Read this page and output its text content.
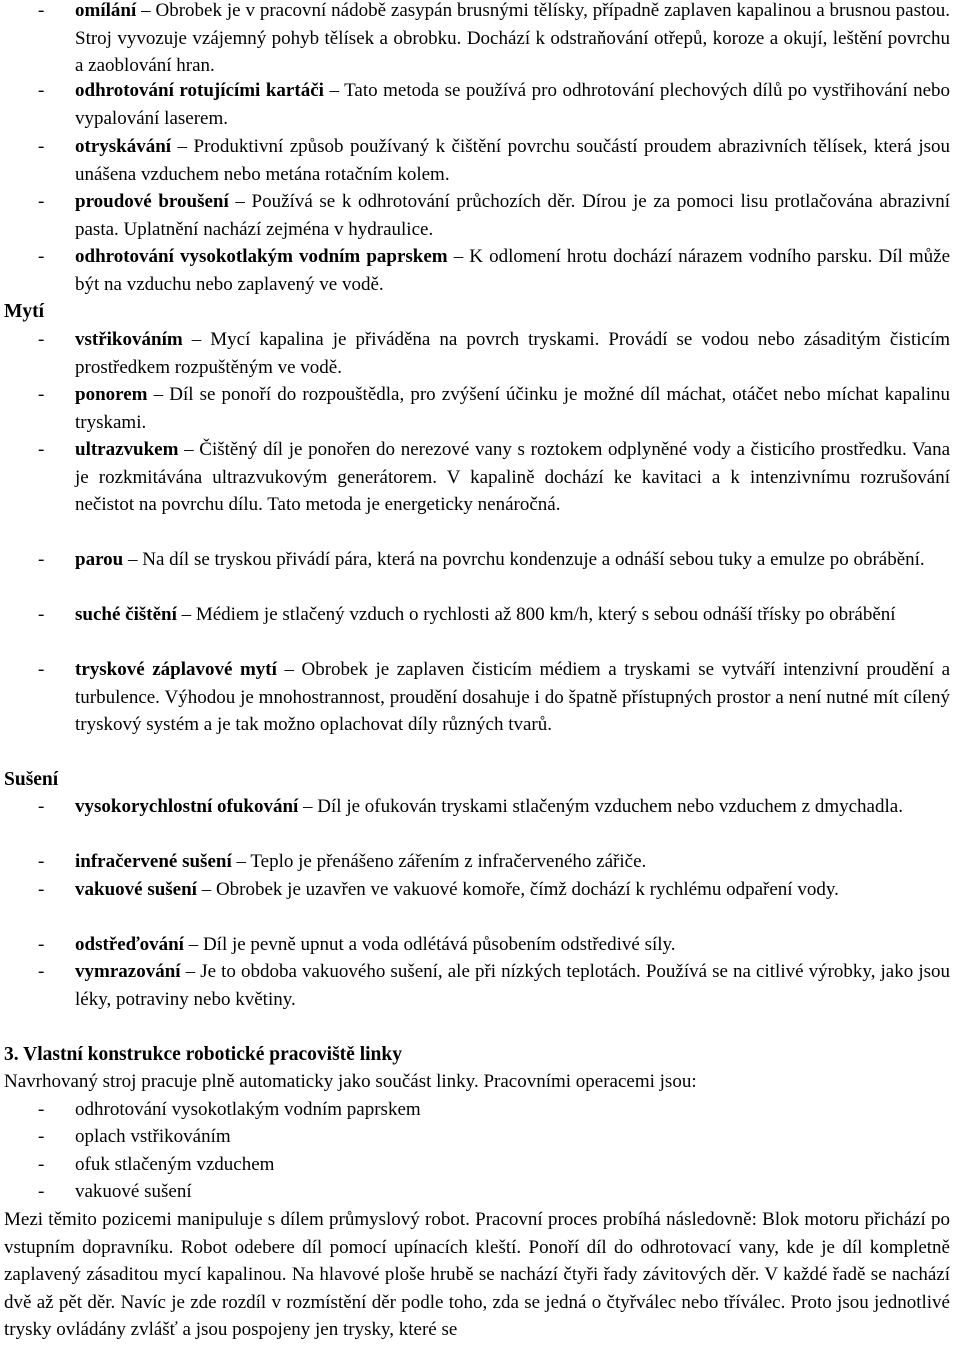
- omílání – Obrobek je v pracovní nádobě zasypán brusnými tělísky, případně zaplaven kapalinou a brusnou pastou. Stroj vyvozuje vzájemný pohyb tělísek a obrobku. Dochází k odstraňování otřepů, koroze a okují, leštění povrchu a zaoblování hran.
- odhrotování rotujícími kartáči – Tato metoda se používá pro odhrotování plechových dílů po vystřihování nebo vypalování laserem.
- otryskávání – Produktivní způsob používaný k čištění povrchu součástí proudem abrazivních tělísek, která jsou unášena vzduchem nebo metána rotačním kolem.
- proudové broušení – Používá se k odhrotování průchozích děr. Dírou je za pomoci lisu protlačována abrazivní pasta. Uplatnění nachází zejména v hydraulice.
- odhrotování vysokotlakým vodním paprskem – K odlomení hrotu dochází nárazem vodního parsku. Díl může být na vzduchu nebo zaplavený ve vodě.
Mytí
- vstřikováním – Mycí kapalina je přiváděna na povrch tryskami. Provádí se vodou nebo zásaditým čisticím prostředkem rozpuštěným ve vodě.
- ponorem – Díl se ponoří do rozpouštědla, pro zvýšení účinku je možné díl máchat, otáčet nebo míchat kapalinu tryskami.
- ultrazvukem – Čištěný díl je ponořen do nerezové vany s roztokem odplyněné vody a čisticího prostředku. Vana je rozkmitávána ultrazvukovým generátorem. V kapalině dochází ke kavitaci a k intenzivnímu rozrušování nečistot na povrchu dílu. Tato metoda je energeticky nenáročná.
- parou – Na díl se tryskou přivádí pára, která na povrchu kondenzuje a odnáší sebou tuky a emulze po obrábění.
- suché čištění – Médiem je stlačený vzduch o rychlosti až 800 km/h, který s sebou odnáší třísky po obrábění
- tryskové záplavové mytí – Obrobek je zaplaven čisticím médiem a tryskami se vytváří intenzivní proudění a turbulence. Výhodou je mnohostrannost, proudění dosahuje i do špatně přístupných prostor a není nutné mít cílený tryskový systém a je tak možno oplachovat díly různých tvarů.
Sušení
- vysokorychlostní ofukování – Díl je ofukován tryskami stlačeným vzduchem nebo vzduchem z dmychadla.
- infračervené sušení – Teplo je přenášeno zářením z infračerveného zářiče.
- vakuové sušení – Obrobek je uzavřen ve vakuové komoře, čímž dochází k rychlému odpaření vody.
- odstřeďování – Díl je pevně upnut a voda odlétává působením odstředivé síly.
- vymrazování – Je to obdoba vakuového sušení, ale při nízkých teplotách. Používá se na citlivé výrobky, jako jsou léky, potraviny nebo květiny.
3. Vlastní konstrukce robotické pracoviště linky
Navrhovaný stroj pracuje plně automaticky jako součást linky. Pracovními operacemi jsou:
- odhrotování vysokotlakým vodním paprskem
- oplach vstřikováním
- ofuk stlačeným vzduchem
- vakuové sušení
Mezi těmito pozicemi manipuluje s dílem průmyslový robot. Pracovní proces probíhá následovně: Blok motoru přichází po vstupním dopravníku. Robot odebere díl pomocí upínacích kleští. Ponoří díl do odhrotovací vany, kde je díl kompletně zaplavený zásaditou mycí kapalinou. Na hlavové ploše hrubě se nachází čtyři řady závitových děr. V každé řadě se nachází dvě až pět děr. Navíc je zde rozdíl v rozmístění děr podle toho, zda se jedná o čtyřválec nebo tříválec. Proto jsou jednotlivé trysky ovládány zvlášť a jsou pospojeny jen trysky, které se
